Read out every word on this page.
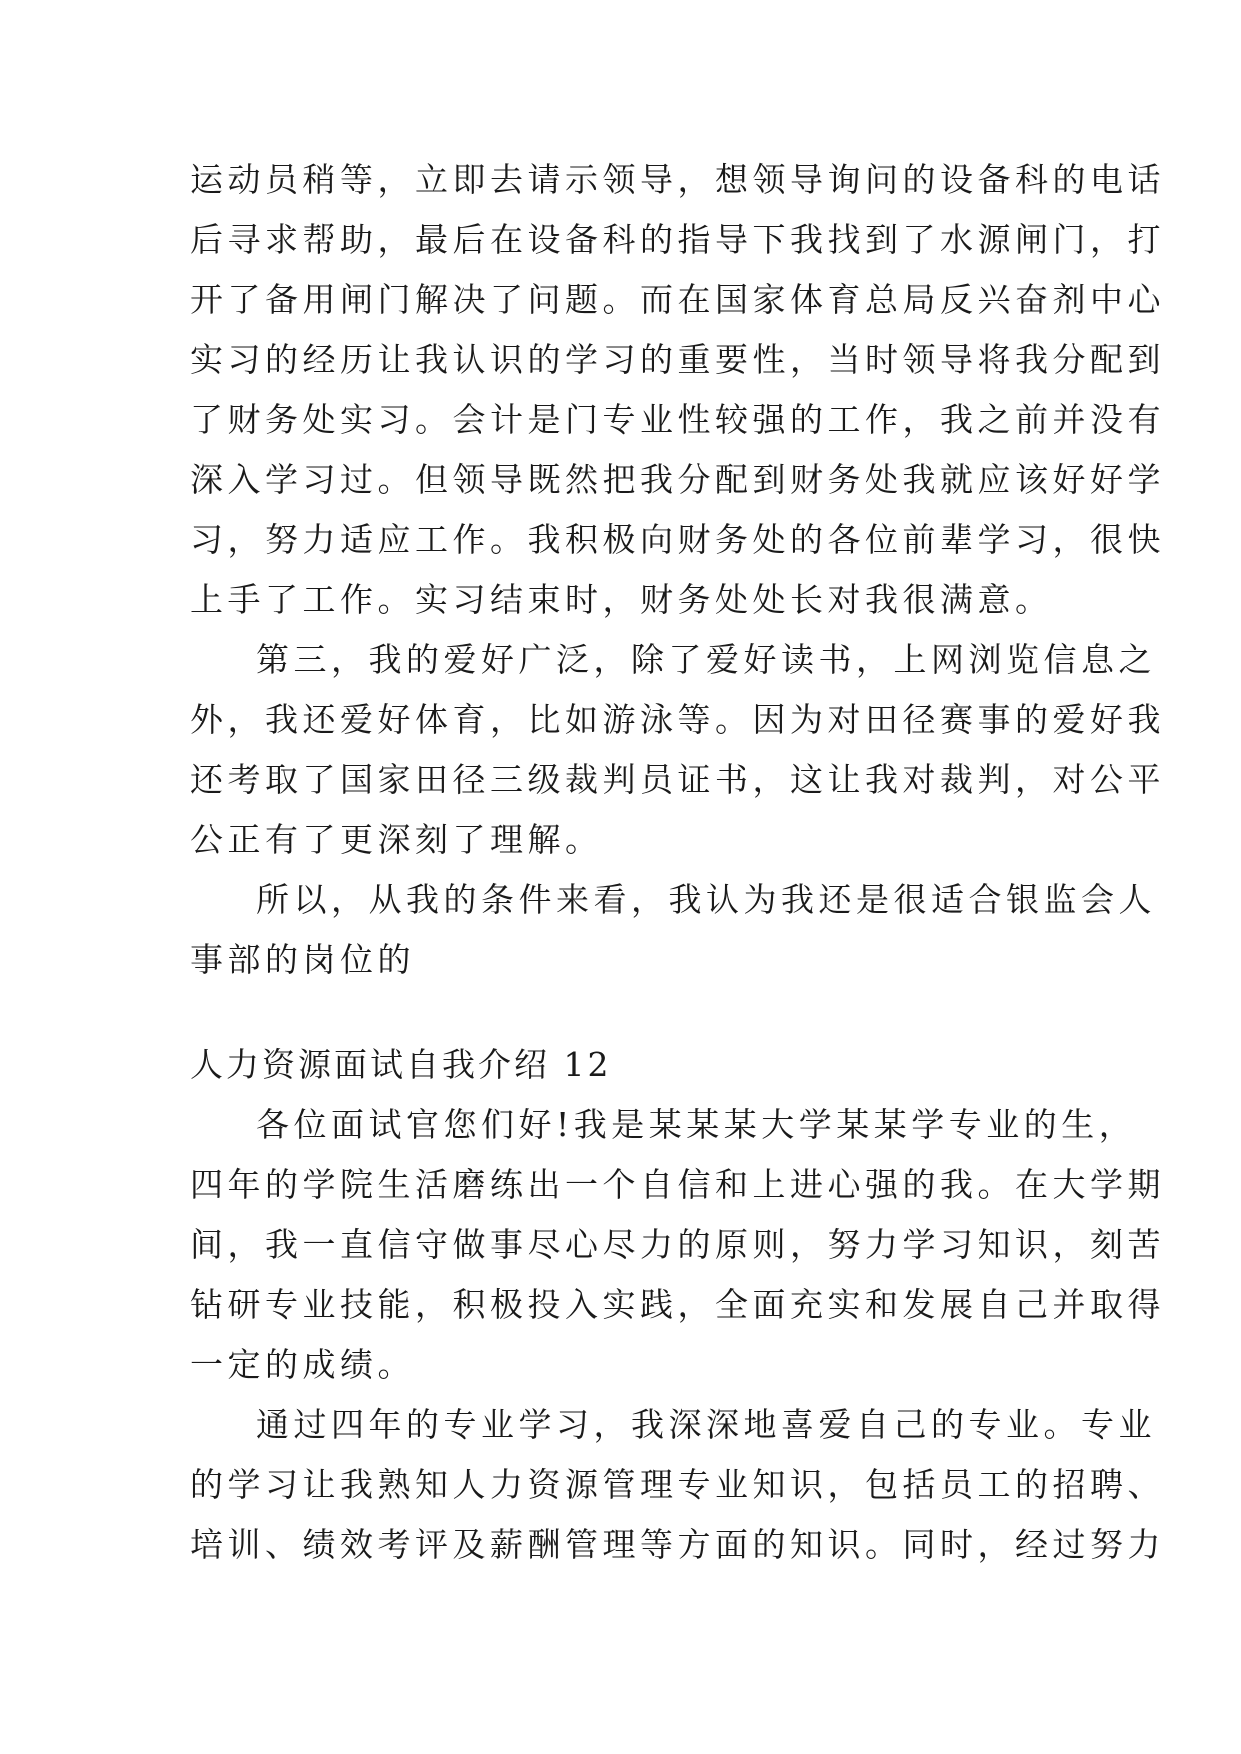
运动员稍等，立即去请示领导，想领导询问的设备科的电话

后寻求帮助，最后在设备科的指导下我找到了水源闸门，打

开了备用闸门解决了问题。而在国家体育总局反兴奋剂中心

实习的经历让我认识的学习的重要性，当时领导将我分配到

了财务处实习。会计是门专业性较强的工作，我之前并没有

深入学习过。但领导既然把我分配到财务处我就应该好好学

习，努力适应工作。我积极向财务处的各位前辈学习，很快

上手了工作。实习结束时，财务处处长对我很满意。

第三，我的爱好广泛，除了爱好读书，上网浏览信息之

外，我还爱好体育，比如游泳等。因为对田径赛事的爱好我

还考取了国家田径三级裁判员证书，这让我对裁判，对公平

公正有了更深刻了理解。

所以，从我的条件来看，我认为我还是很适合银监会人

事部的岗位的

人力资源面试自我介绍 12

各位面试官您们好!我是某某某大学某某学专业的生，

四年的学院生活磨练出一个自信和上进心强的我。在大学期

间，我一直信守做事尽心尽力的原则，努力学习知识，刻苦

钻研专业技能，积极投入实践，全面充实和发展自己并取得

一定的成绩。

通过四年的专业学习，我深深地喜爱自己的专业。专业

的学习让我熟知人力资源管理专业知识，包括员工的招聘、

培训、绩效考评及薪酬管理等方面的知识。同时，经过努力
